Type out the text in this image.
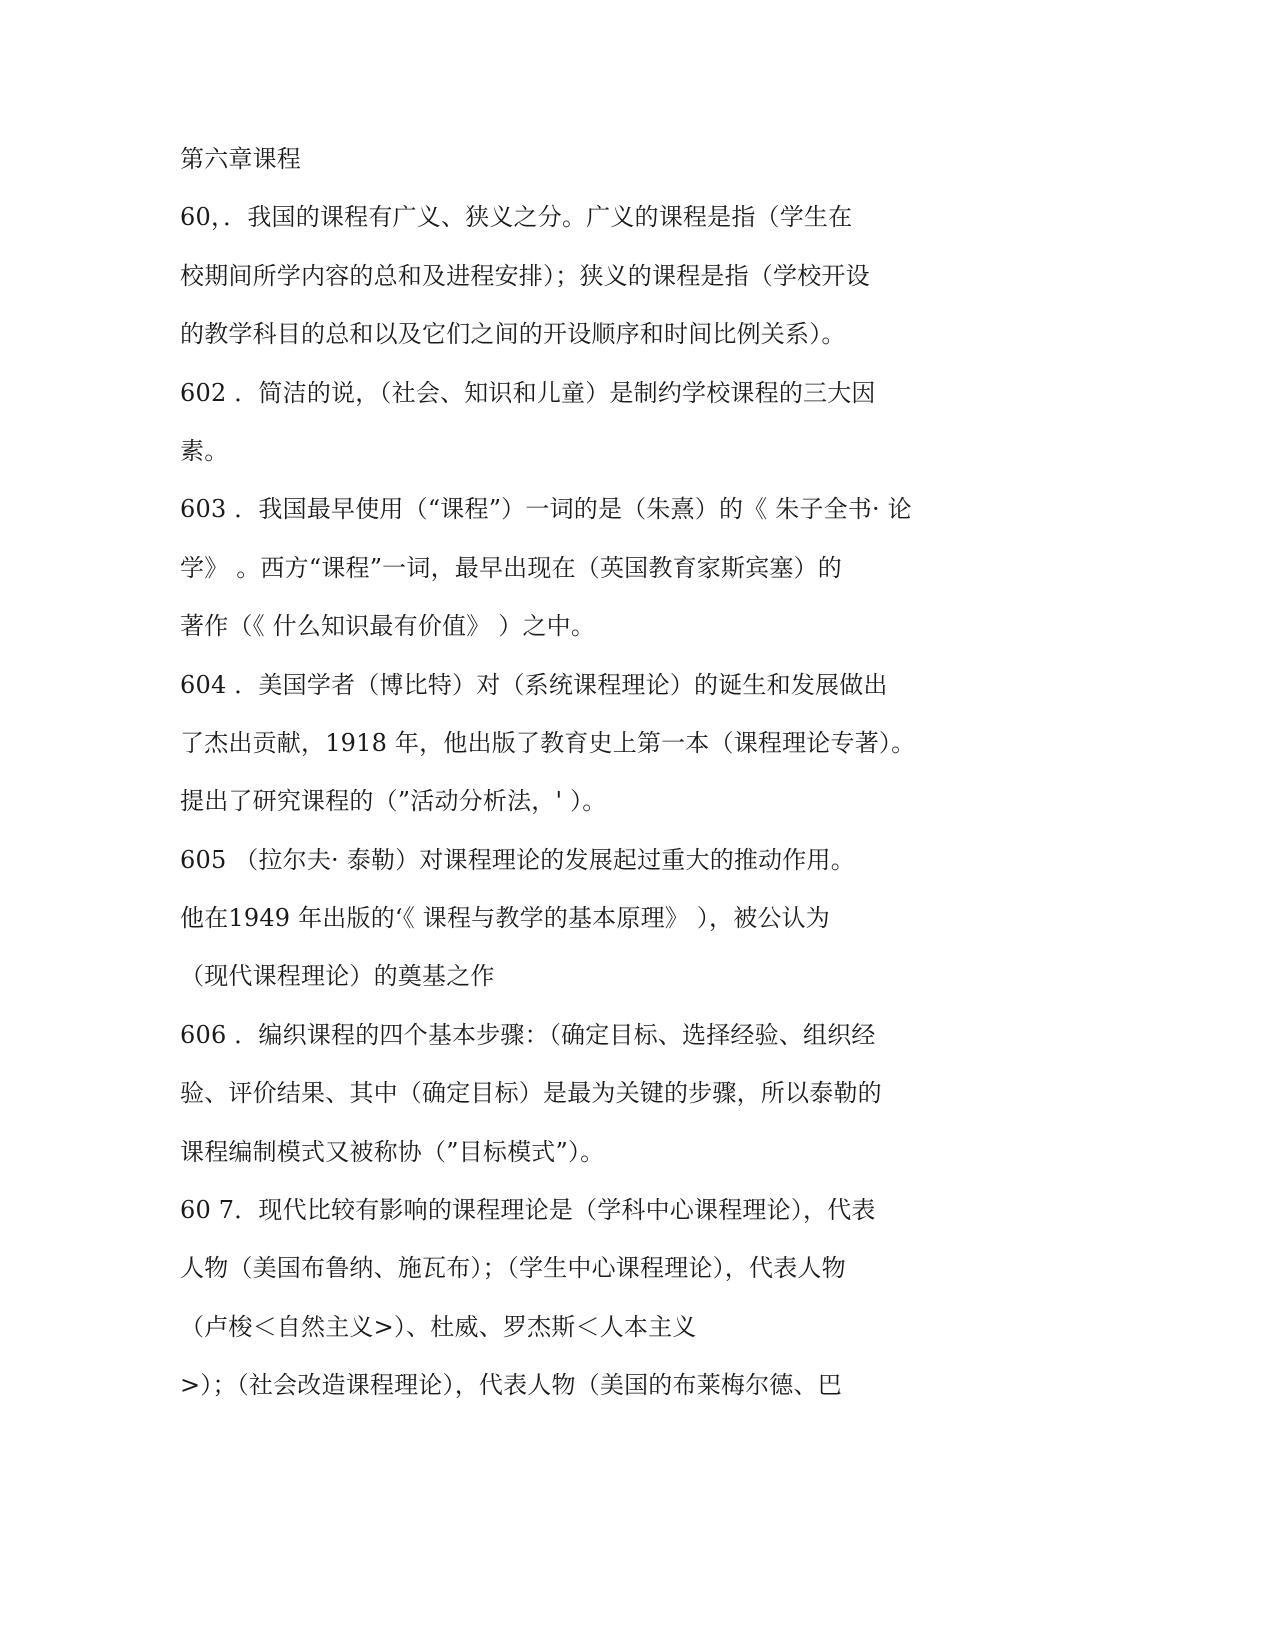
第六章课程
60，．我国的课程有广义、狭义之分。广义的课程是指（学生在
校期间所学内容的总和及进程安排）；狭义的课程是指（学校开设
的教学科目的总和以及它们之间的开设顺序和时间比例关系）。
602 ．简洁的说，（社会、知识和儿童）是制约学校课程的三大因
素。
603 ．我国最早使用（“课程”）一词的是（朱熹）的《 朱子全书· 论
学》 。西方“课程”一词，最早出现在（英国教育家斯宾塞）的
著作（《 什么知识最有价值》 ）之中。
604 ．美国学者（博比特）对（系统课程理论）的诞生和发展做出
了杰出贡献，1918 年，他出版了教育史上第一本（课程理论专著）。
提出了研究课程的（”活动分析法，' ）。
605 （拉尔夫· 泰勒）对课程理论的发展起过重大的推动作用。
他在1949 年出版的‘《 课程与教学的基本原理》 ），被公认为
（现代课程理论）的奠基之作
606 ．编织课程的四个基本步骤：（确定目标、选择经验、组织经
验、评价结果、其中（确定目标）是最为关键的步骤，所以泰勒的
课程编制模式又被称协（”目标模式”）。
60 7．现代比较有影响的课程理论是（学科中心课程理论），代表
人物（美国布鲁纳、施瓦布）；（学生中心课程理论），代表人物
（卢梭＜自然主义>）、杜威、罗杰斯＜人本主义
>）；（社会改造课程理论），代表人物（美国的布莱梅尔德、巴
